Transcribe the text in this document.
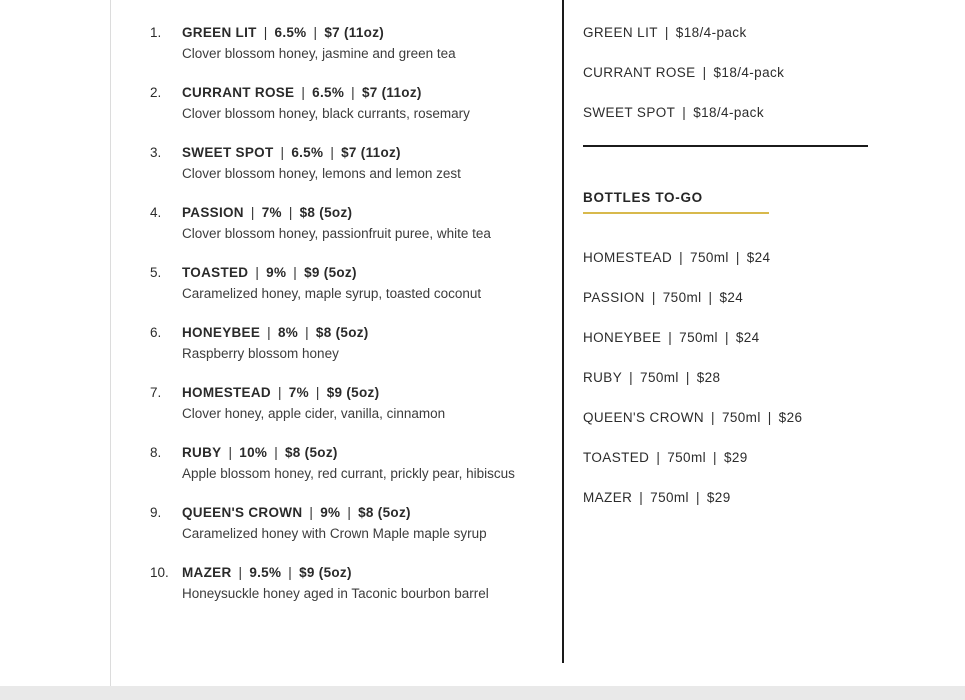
1.	GREEN LIT | 6.5% | $7 (11oz)
Clover blossom honey, jasmine and green tea
2.	CURRANT ROSE | 6.5% | $7 (11oz)
Clover blossom honey, black currants, rosemary
3.	SWEET SPOT | 6.5% | $7 (11oz)
Clover blossom honey, lemons and lemon zest
4.	PASSION | 7% | $8 (5oz)
Clover blossom honey, passionfruit puree, white tea
5.	TOASTED | 9% | $9 (5oz)
Caramelized honey, maple syrup, toasted coconut
6.	HONEYBEE | 8% | $8 (5oz)
Raspberry blossom honey
7.	HOMESTEAD | 7% | $9 (5oz)
Clover honey, apple cider, vanilla, cinnamon
8.	RUBY | 10% | $8 (5oz)
Apple blossom honey, red currant, prickly pear, hibiscus
9.	QUEEN'S CROWN | 9% | $8 (5oz)
Caramelized honey with Crown Maple maple syrup
10. MAZER | 9.5% | $9 (5oz)
Honeysuckle honey aged in Taconic bourbon barrel
GREEN LIT | $18/4-pack
CURRANT ROSE | $18/4-pack
SWEET SPOT | $18/4-pack
BOTTLES TO-GO
HOMESTEAD | 750ml | $24
PASSION | 750ml | $24
HONEYBEE | 750ml | $24
RUBY | 750ml | $28
QUEEN'S CROWN | 750ml | $26
TOASTED | 750ml | $29
MAZER | 750ml | $29
